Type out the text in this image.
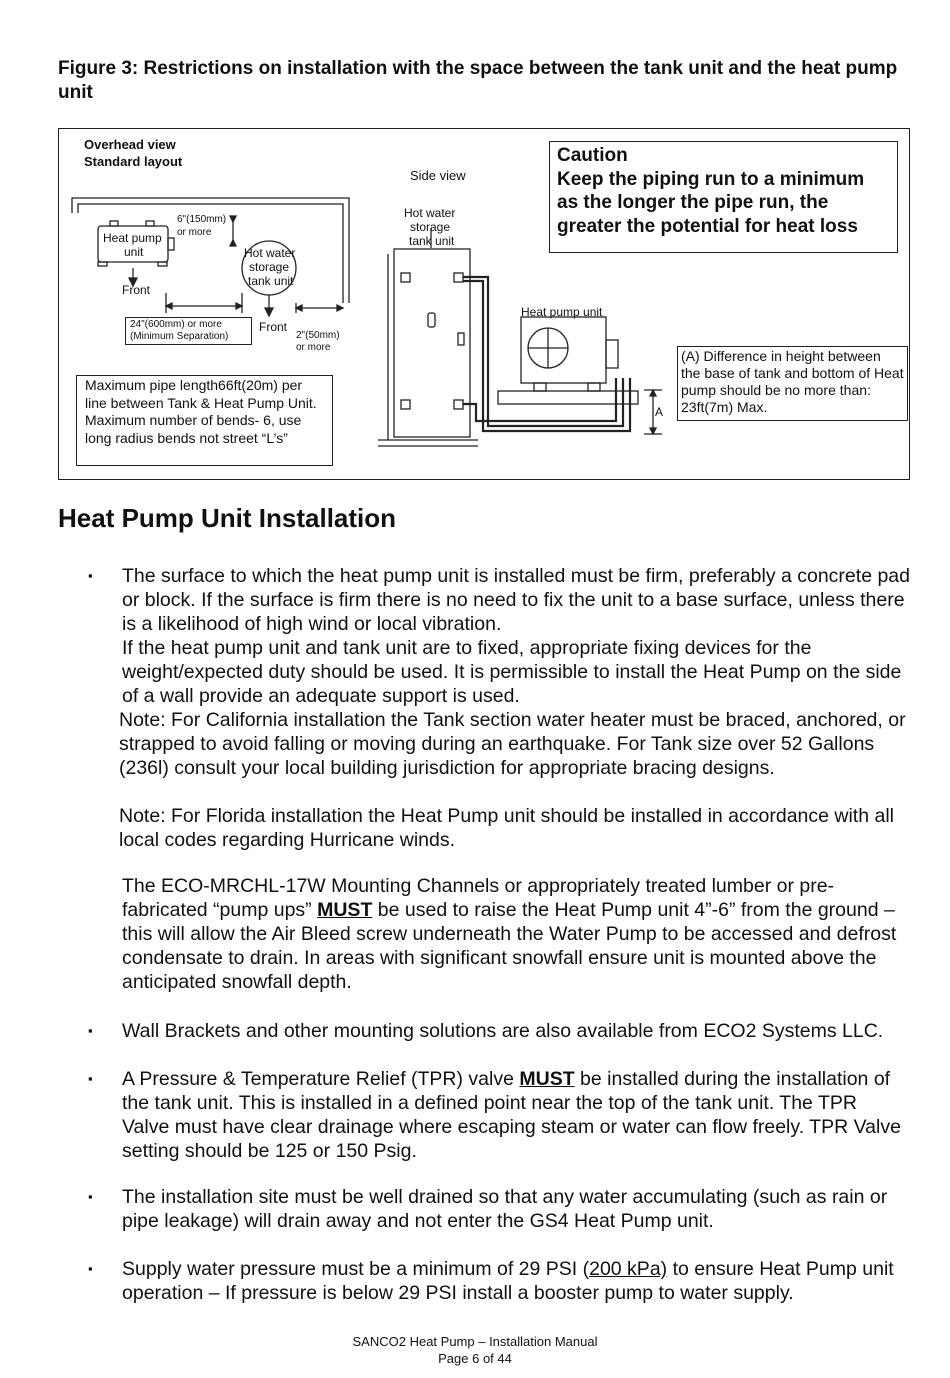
Figure 3: Restrictions on installation with the space between the tank unit and the heat pump unit
Overhead view
Standard layout
Heat pump
unit
Front
6"(150mm)
or more
Hot water
storage
tank unit
Front
24"(600mm) or more
(Minimum Separation)	2"(50mm)
or more
Side view
Hot water
storage
tank unit
Heat pump unit
A
Caution
Keep the piping run to a minimum as the longer the pipe run, the greater the potential for heat loss
(A) Difference in height between the base of tank and bottom of Heat pump should be no more than: 23ft(7m) Max.
Maximum pipe length66ft(20m) per line between Tank & Heat Pump Unit.
Maximum number of bends- 6, use long radius bends not street “L’s”
Heat Pump Unit Installation
▪ The surface to which the heat pump unit is installed must be firm, preferably a concrete pad or block. If the surface is firm there is no need to fix the unit to a base surface, unless there is a likelihood of high wind or local vibration.
If the heat pump unit and tank unit are to fixed, appropriate fixing devices for the weight/expected duty should be used. It is permissible to install the Heat Pump on the side of a wall provide an adequate support is used.
Note: For California installation the Tank section water heater must be braced, anchored, or strapped to avoid falling or moving during an earthquake. For Tank size over 52 Gallons (236l) consult your local building jurisdiction for appropriate bracing designs.
Note: For Florida installation the Heat Pump unit should be installed in accordance with all local codes regarding Hurricane winds.
The ECO-MRCHL-17W Mounting Channels or appropriately treated lumber or pre-fabricated “pump ups” MUST be used to raise the Heat Pump unit 4”-6” from the ground – this will allow the Air Bleed screw underneath the Water Pump to be accessed and defrost condensate to drain. In areas with significant snowfall ensure unit is mounted above the anticipated snowfall depth.
▪ Wall Brackets and other mounting solutions are also available from ECO2 Systems LLC.
▪ A Pressure & Temperature Relief (TPR) valve MUST be installed during the installation of the tank unit. This is installed in a defined point near the top of the tank unit. The TPR Valve must have clear drainage where escaping steam or water can flow freely. TPR Valve setting should be 125 or 150 Psig.
▪ The installation site must be well drained so that any water accumulating (such as rain or pipe leakage) will drain away and not enter the GS4 Heat Pump unit.
▪ Supply water pressure must be a minimum of 29 PSI (200 kPa) to ensure Heat Pump unit operation – If pressure is below 29 PSI install a booster pump to water supply.
SANCO2 Heat Pump – Installation Manual
Page 6 of 44
